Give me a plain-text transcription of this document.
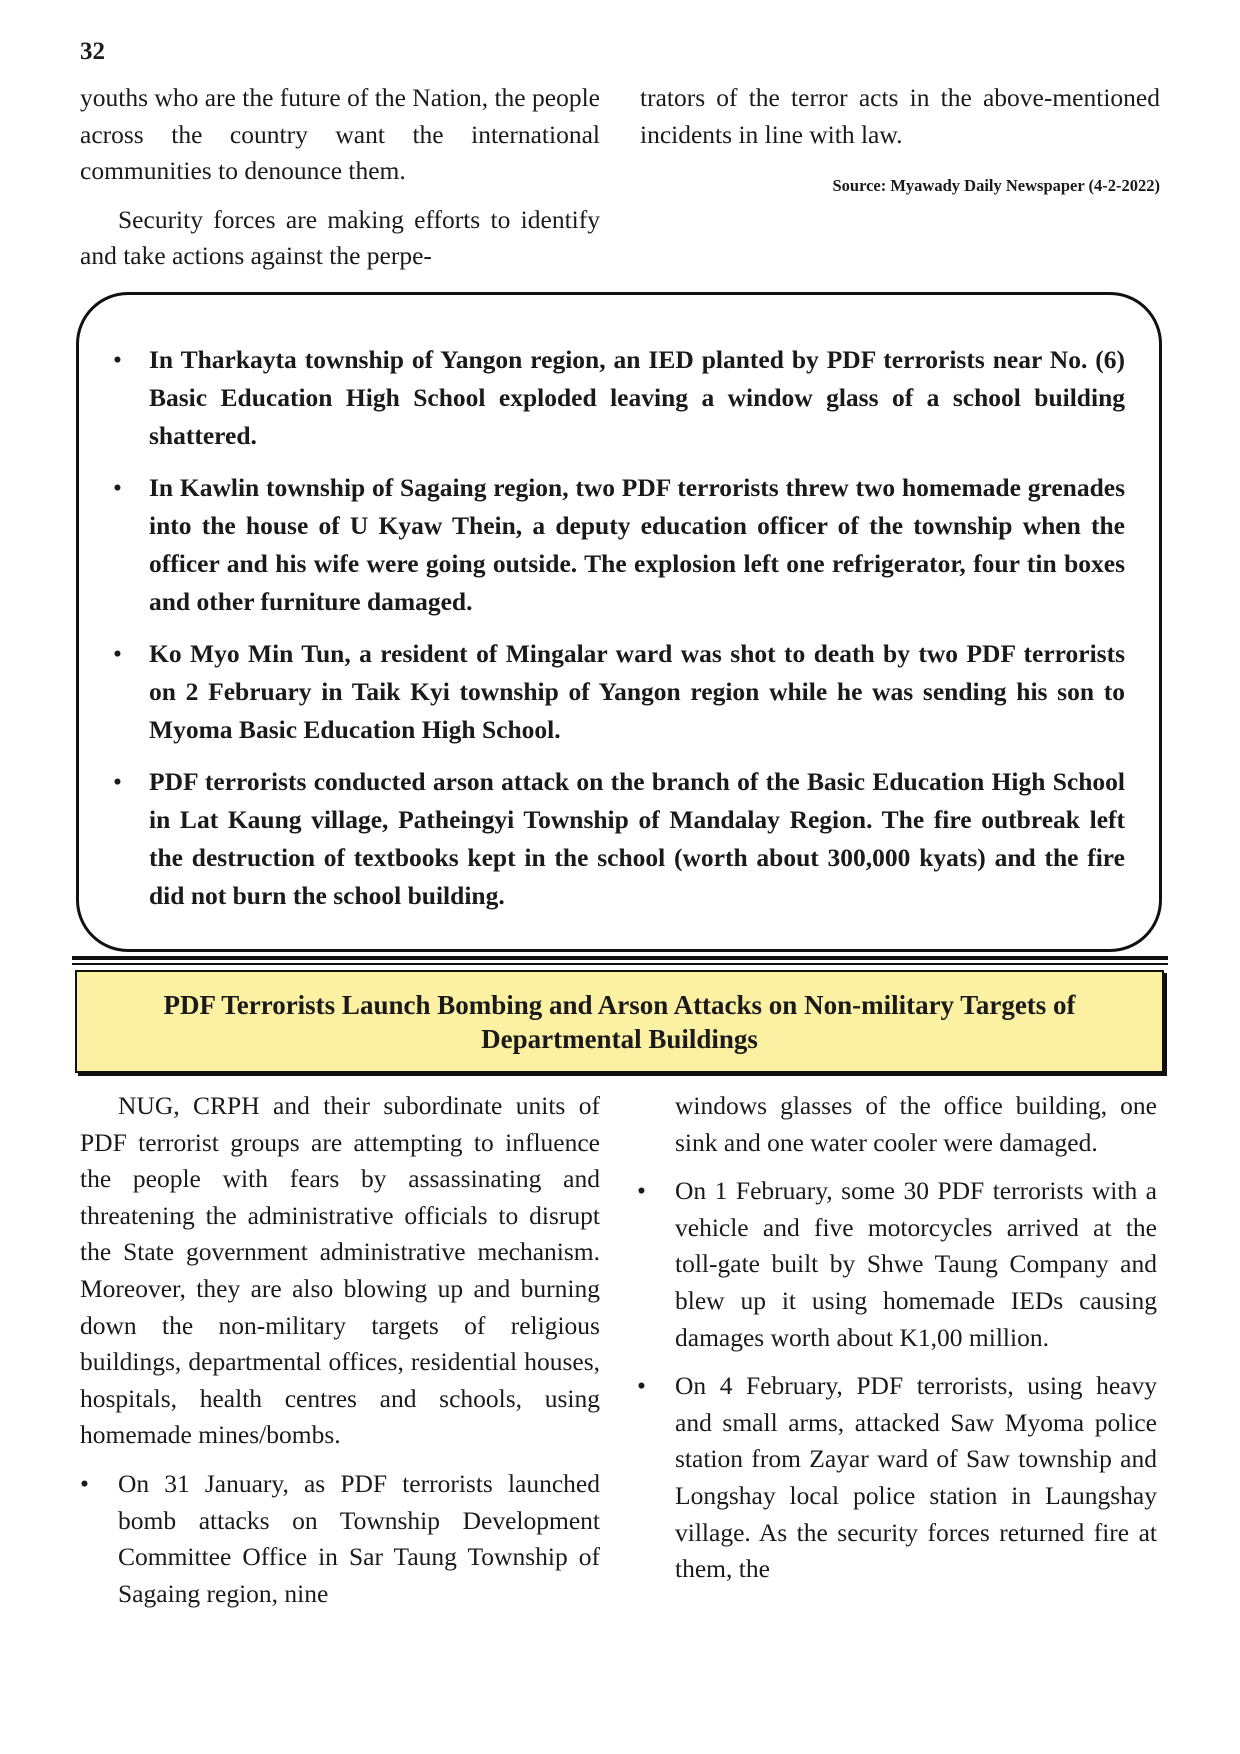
32

youths who are the future of the Nation, the people across the country want the international communities to denounce them.

Security forces are making efforts to identify and take actions against the perpe-

trators of the terror acts in the above-mentioned incidents in line with law.

Source: Myawady Daily Newspaper (4-2-2022)

• In Tharkayta township of Yangon region, an IED planted by PDF terrorists near No. (6) Basic Education High School exploded leaving a window glass of a school building shattered.
• In Kawlin township of Sagaing region, two PDF terrorists threw two homemade grenades into the house of U Kyaw Thein, a deputy education officer of the township when the officer and his wife were going outside. The explosion left one refrigerator, four tin boxes and other furniture damaged.
• Ko Myo Min Tun, a resident of Mingalar ward was shot to death by two PDF terrorists on 2 February in Taik Kyi township of Yangon region while he was sending his son to Myoma Basic Education High School.
• PDF terrorists conducted arson attack on the branch of the Basic Education High School in Lat Kaung village, Patheingyi Township of Mandalay Region. The fire outbreak left the destruction of textbooks kept in the school (worth about 300,000 kyats) and the fire did not burn the school building.
PDF Terrorists Launch Bombing and Arson Attacks on Non-military Targets of Departmental Buildings

NUG, CRPH and their subordinate units of PDF terrorist groups are attempting to influence the people with fears by assassinating and threatening the administrative officials to disrupt the State government administrative mechanism. Moreover, they are also blowing up and burning down the non-military targets of religious buildings, departmental offices, residential houses, hospitals, health centres and schools, using homemade mines/bombs.

• On 31 January, as PDF terrorists launched bomb attacks on Township Development Committee Office in Sar Taung Township of Sagaing region, nine

windows glasses of the office building, one sink and one water cooler were damaged.

• On 1 February, some 30 PDF terrorists with a vehicle and five motorcycles arrived at the toll-gate built by Shwe Taung Company and blew up it using homemade IEDs causing damages worth about K1,00 million.
• On 4 February, PDF terrorists, using heavy and small arms, attacked Saw Myoma police station from Zayar ward of Saw township and Longshay local police station in Laungshay village. As the security forces returned fire at them, the
